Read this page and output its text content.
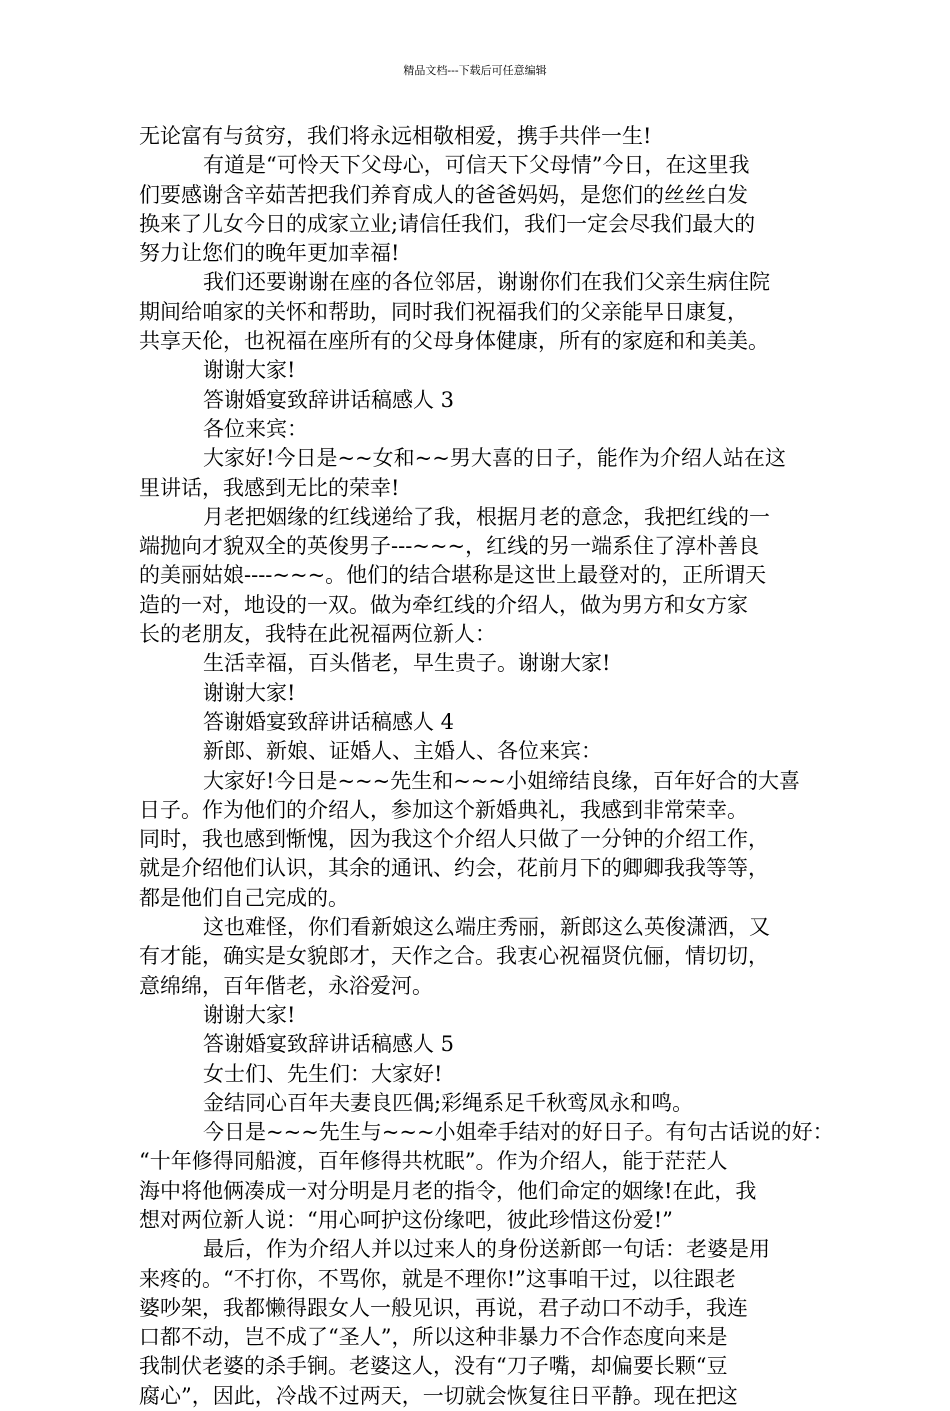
精品文档---下载后可任意编辑
无论富有与贫穷，我们将永远相敬相爱，携手共伴一生!
有道是“可怜天下父母心，可信天下父母情”今日，在这里我
们要感谢含辛茹苦把我们养育成人的爸爸妈妈，是您们的丝丝白发
换来了儿女今日的成家立业;请信任我们，我们一定会尽我们最大的
努力让您们的晚年更加幸福!
我们还要谢谢在座的各位邻居，谢谢你们在我们父亲生病住院
期间给咱家的关怀和帮助，同时我们祝福我们的父亲能早日康复，
共享天伦，也祝福在座所有的父母身体健康，所有的家庭和和美美。
谢谢大家!
答谢婚宴致辞讲话稿感人 3
各位来宾：
大家好!今日是~~女和~~男大喜的日子，能作为介绍人站在这
里讲话，我感到无比的荣幸!
月老把姻缘的红线递给了我，根据月老的意念，我把红线的一
端抛向才貌双全的英俊男子---~~~，红线的另一端系住了淳朴善良
的美丽姑娘----~~~。他们的结合堪称是这世上最登对的，正所谓天
造的一对，地设的一双。做为牵红线的介绍人，做为男方和女方家
长的老朋友，我特在此祝福两位新人：
生活幸福，百头偕老，早生贵子。谢谢大家!
谢谢大家!
答谢婚宴致辞讲话稿感人 4
新郎、新娘、证婚人、主婚人、各位来宾：
大家好!今日是~~~先生和~~~小姐缔结良缘，百年好合的大喜
日子。作为他们的介绍人，参加这个新婚典礼，我感到非常荣幸。
同时，我也感到惭愧，因为我这个介绍人只做了一分钟的介绍工作，
就是介绍他们认识，其余的通讯、约会，花前月下的卿卿我我等等，
都是他们自己完成的。
这也难怪，你们看新娘这么端庄秀丽，新郎这么英俊潇洒，又
有才能，确实是女貌郎才，天作之合。我衷心祝福贤伉俪，情切切，
意绵绵，百年偕老，永浴爱河。
谢谢大家!
答谢婚宴致辞讲话稿感人 5
女士们、先生们：大家好!
金结同心百年夫妻良匹偶;彩绳系足千秋鸾凤永和鸣。
今日是~~~先生与~~~小姐牵手结对的好日子。有句古话说的好：
“十年修得同船渡，百年修得共枕眠”。作为介绍人，能于茫茫人
海中将他俩凑成一对分明是月老的指令，他们命定的姻缘!在此，我
想对两位新人说：“用心呵护这份缘吧，彼此珍惜这份爱!”
最后，作为介绍人并以过来人的身份送新郎一句话：老婆是用
来疼的。“不打你，不骂你，就是不理你!”这事咱干过，以往跟老
婆吵架，我都懒得跟女人一般见识，再说，君子动口不动手，我连
口都不动，岂不成了“圣人”，所以这种非暴力不合作态度向来是
我制伏老婆的杀手锏。老婆这人，没有“刀子嘴，却偏要长颗“豆
腐心”，因此，冷战不过两天，一切就会恢复往日平静。现在把这
